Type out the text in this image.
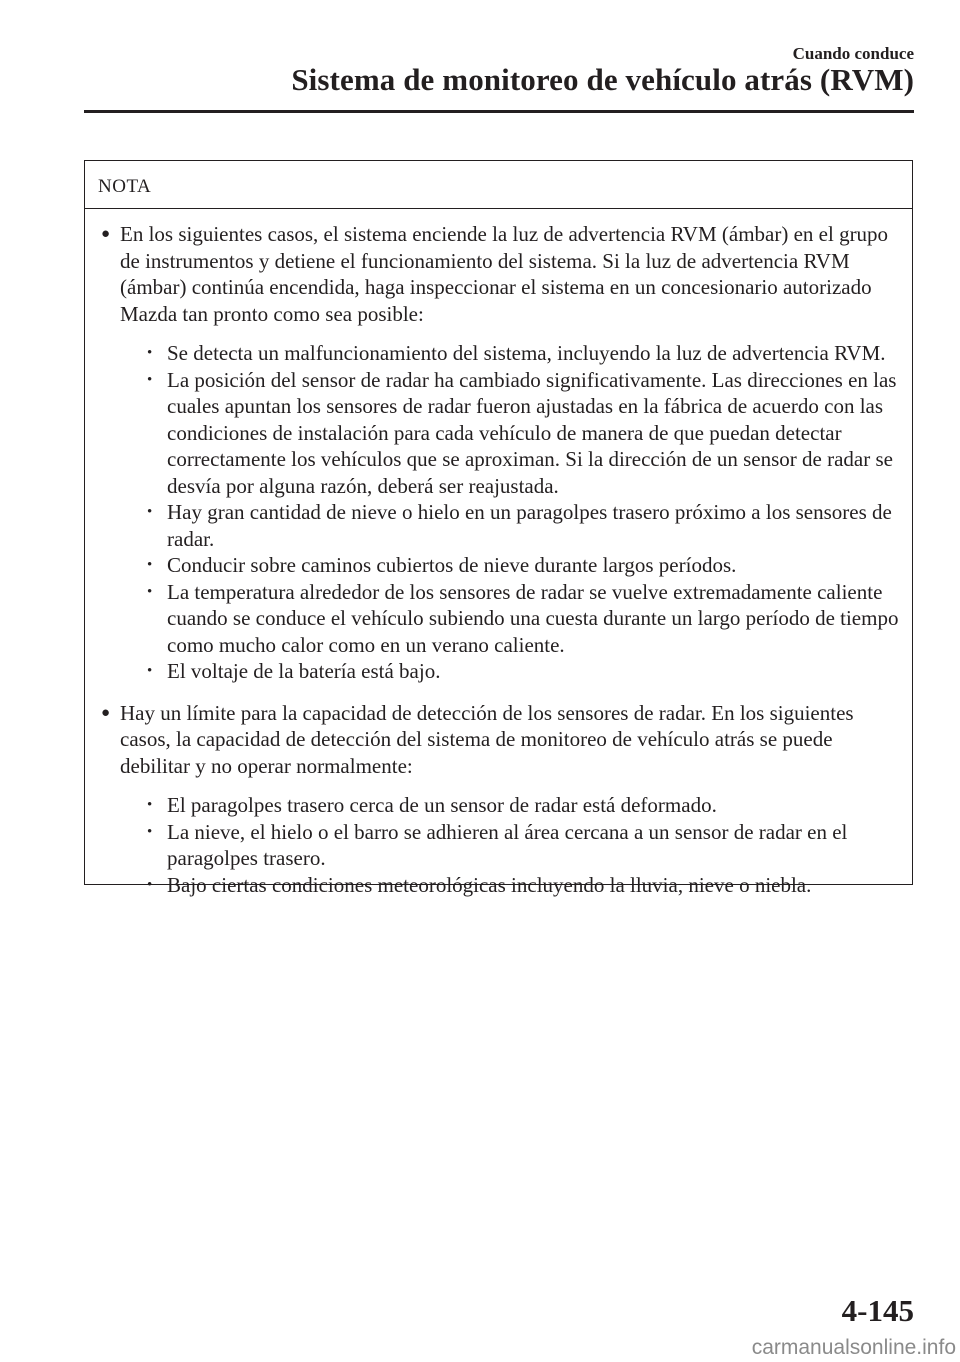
Cuando conduce
Sistema de monitoreo de vehículo atrás (RVM)
NOTA
● En los siguientes casos, el sistema enciende la luz de advertencia RVM (ámbar) en el grupo de instrumentos y detiene el funcionamiento del sistema. Si la luz de advertencia RVM (ámbar) continúa encendida, haga inspeccionar el sistema en un concesionario autorizado Mazda tan pronto como sea posible:
• Se detecta un malfuncionamiento del sistema, incluyendo la luz de advertencia RVM.
• La posición del sensor de radar ha cambiado significativamente. Las direcciones en las cuales apuntan los sensores de radar fueron ajustadas en la fábrica de acuerdo con las condiciones de instalación para cada vehículo de manera de que puedan detectar correctamente los vehículos que se aproximan. Si la dirección de un sensor de radar se desvía por alguna razón, deberá ser reajustada.
• Hay gran cantidad de nieve o hielo en un paragolpes trasero próximo a los sensores de radar.
• Conducir sobre caminos cubiertos de nieve durante largos períodos.
• La temperatura alrededor de los sensores de radar se vuelve extremadamente caliente cuando se conduce el vehículo subiendo una cuesta durante un largo período de tiempo como mucho calor como en un verano caliente.
• El voltaje de la batería está bajo.
● Hay un límite para la capacidad de detección de los sensores de radar. En los siguientes casos, la capacidad de detección del sistema de monitoreo de vehículo atrás se puede debilitar y no operar normalmente:
• El paragolpes trasero cerca de un sensor de radar está deformado.
• La nieve, el hielo o el barro se adhieren al área cercana a un sensor de radar en el paragolpes trasero.
• Bajo ciertas condiciones meteorológicas incluyendo la lluvia, nieve o niebla.
4-145
carmanualsonline.info
